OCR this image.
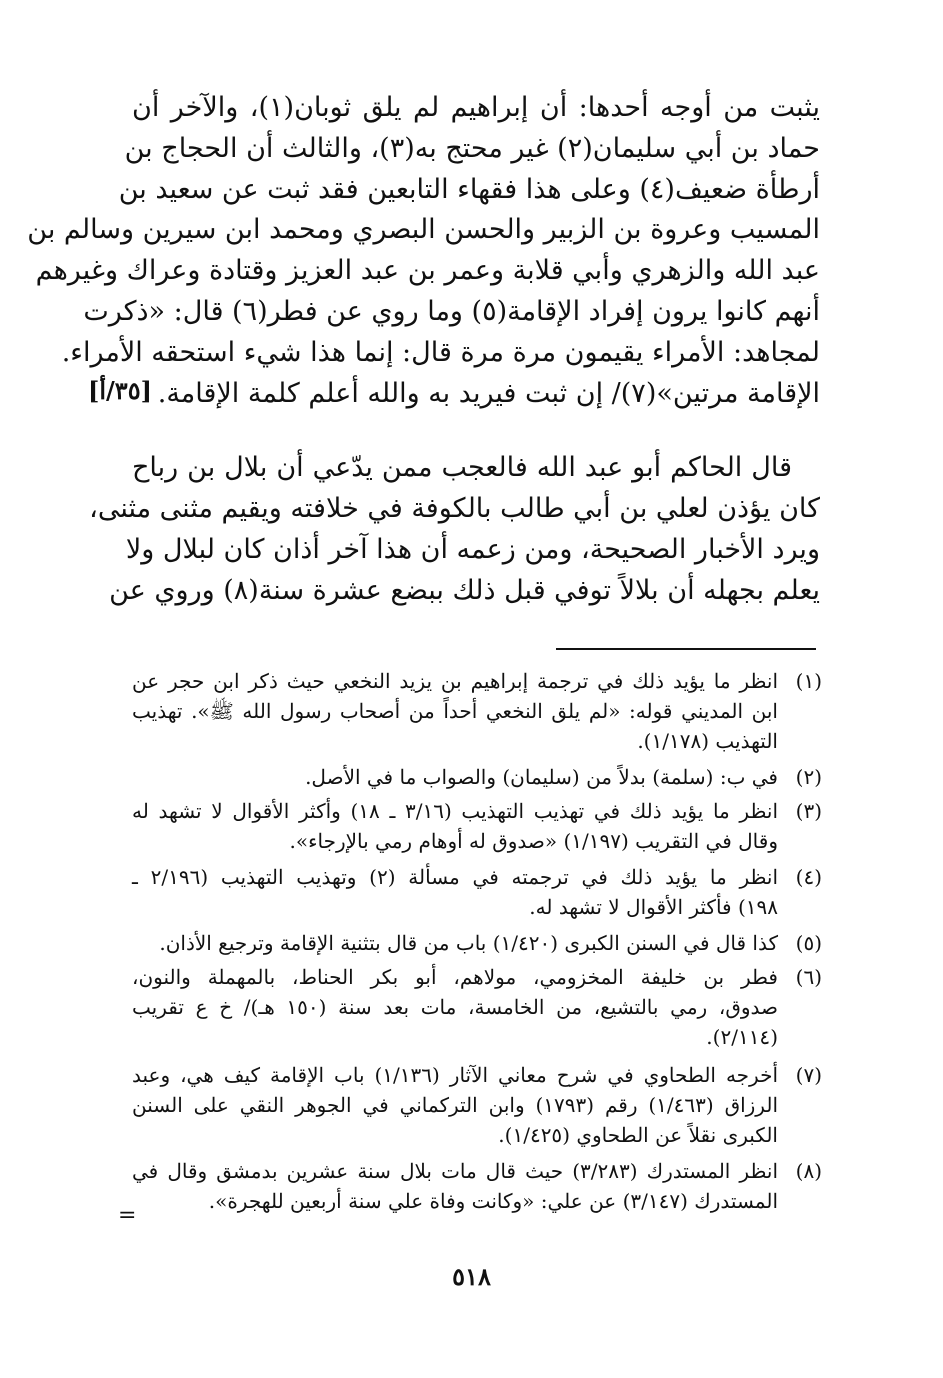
يثبت من أوجه أحدها: أن إبراهيم لم يلق ثوبان(١)، والآخر أن
حماد بن أبي سليمان(٢) غير محتج به(٣)، والثالث أن الحجاج بن
أرطأة ضعيف(٤) وعلى هذا فقهاء التابعين فقد ثبت عن سعيد بن
المسيب وعروة بن الزبير والحسن البصري ومحمد ابن سيرين وسالم بن
عبد الله والزهري وأبي قلابة وعمر بن عبد العزيز وقتادة وعراك وغيرهم
أنهم كانوا يرون إفراد الإقامة(٥) وما روي عن فطر(٦) قال: «ذكرت
لمجاهد: الأمراء يقيمون مرة مرة قال: إنما هذا شيء استحقه الأمراء.
الإقامة مرتين»(٧)/ إن ثبت فيريد به والله أعلم كلمة الإقامة.
قال الحاكم أبو عبد الله فالعجب ممن يدّعي أن بلال بن رباح
كان يؤذن لعلي بن أبي طالب بالكوفة في خلافته ويقيم مثنى مثنى،
ويرد الأخبار الصحيحة، ومن زعمه أن هذا آخر أذان كان لبلال ولا
يعلم بجهله أن بلالاً توفي قبل ذلك ببضع عشرة سنة(٨) وروي عن
[٣٥/أ]
(١)
انظر ما يؤيد ذلك في ترجمة إبراهيم بن يزيد النخعي حيث ذكر ابن حجر عن
ابن المديني قوله: «لم يلق النخعي أحداً من أصحاب رسول الله ﷺ». تهذيب
التهذيب (١/١٧٨).
(٢)
في ب: (سلمة) بدلاً من (سليمان) والصواب ما في الأصل.
(٣)
انظر ما يؤيد ذلك في تهذيب التهذيب (٣/١٦ ـ ١٨) وأكثر الأقوال لا تشهد له
وقال في التقريب (١/١٩٧) «صدوق له أوهام رمي بالإرجاء».
(٤)
انظر ما يؤيد ذلك في ترجمته في مسألة (٢) وتهذيب التهذيب (٢/١٩٦ ـ
١٩٨) فأكثر الأقوال لا تشهد له.
(٥)
كذا قال في السنن الكبرى (١/٤٢٠) باب من قال بتثنية الإقامة وترجيع الأذان.
(٦)
فطر بن خليفة المخزومي، مولاهم، أبو بكر الحناط، بالمهملة والنون،
صدوق، رمي بالتشيع، من الخامسة، مات بعد سنة (١٥٠ هـ)/ خ ع تقريب
(٢/١١٤).
(٧)
أخرجه الطحاوي في شرح معاني الآثار (١/١٣٦) باب الإقامة كيف هي، وعبد
الرزاق (١/٤٦٣) رقم (١٧٩٣) وابن التركماني في الجوهر النقي على السنن
الكبرى نقلاً عن الطحاوي (١/٤٢٥).
(٨)
انظر المستدرك (٣/٢٨٣) حيث قال مات بلال سنة عشرين بدمشق وقال في
المستدرك (٣/١٤٧) عن علي: «وكانت وفاة علي سنة أربعين للهجرة».
=
٥١٨
